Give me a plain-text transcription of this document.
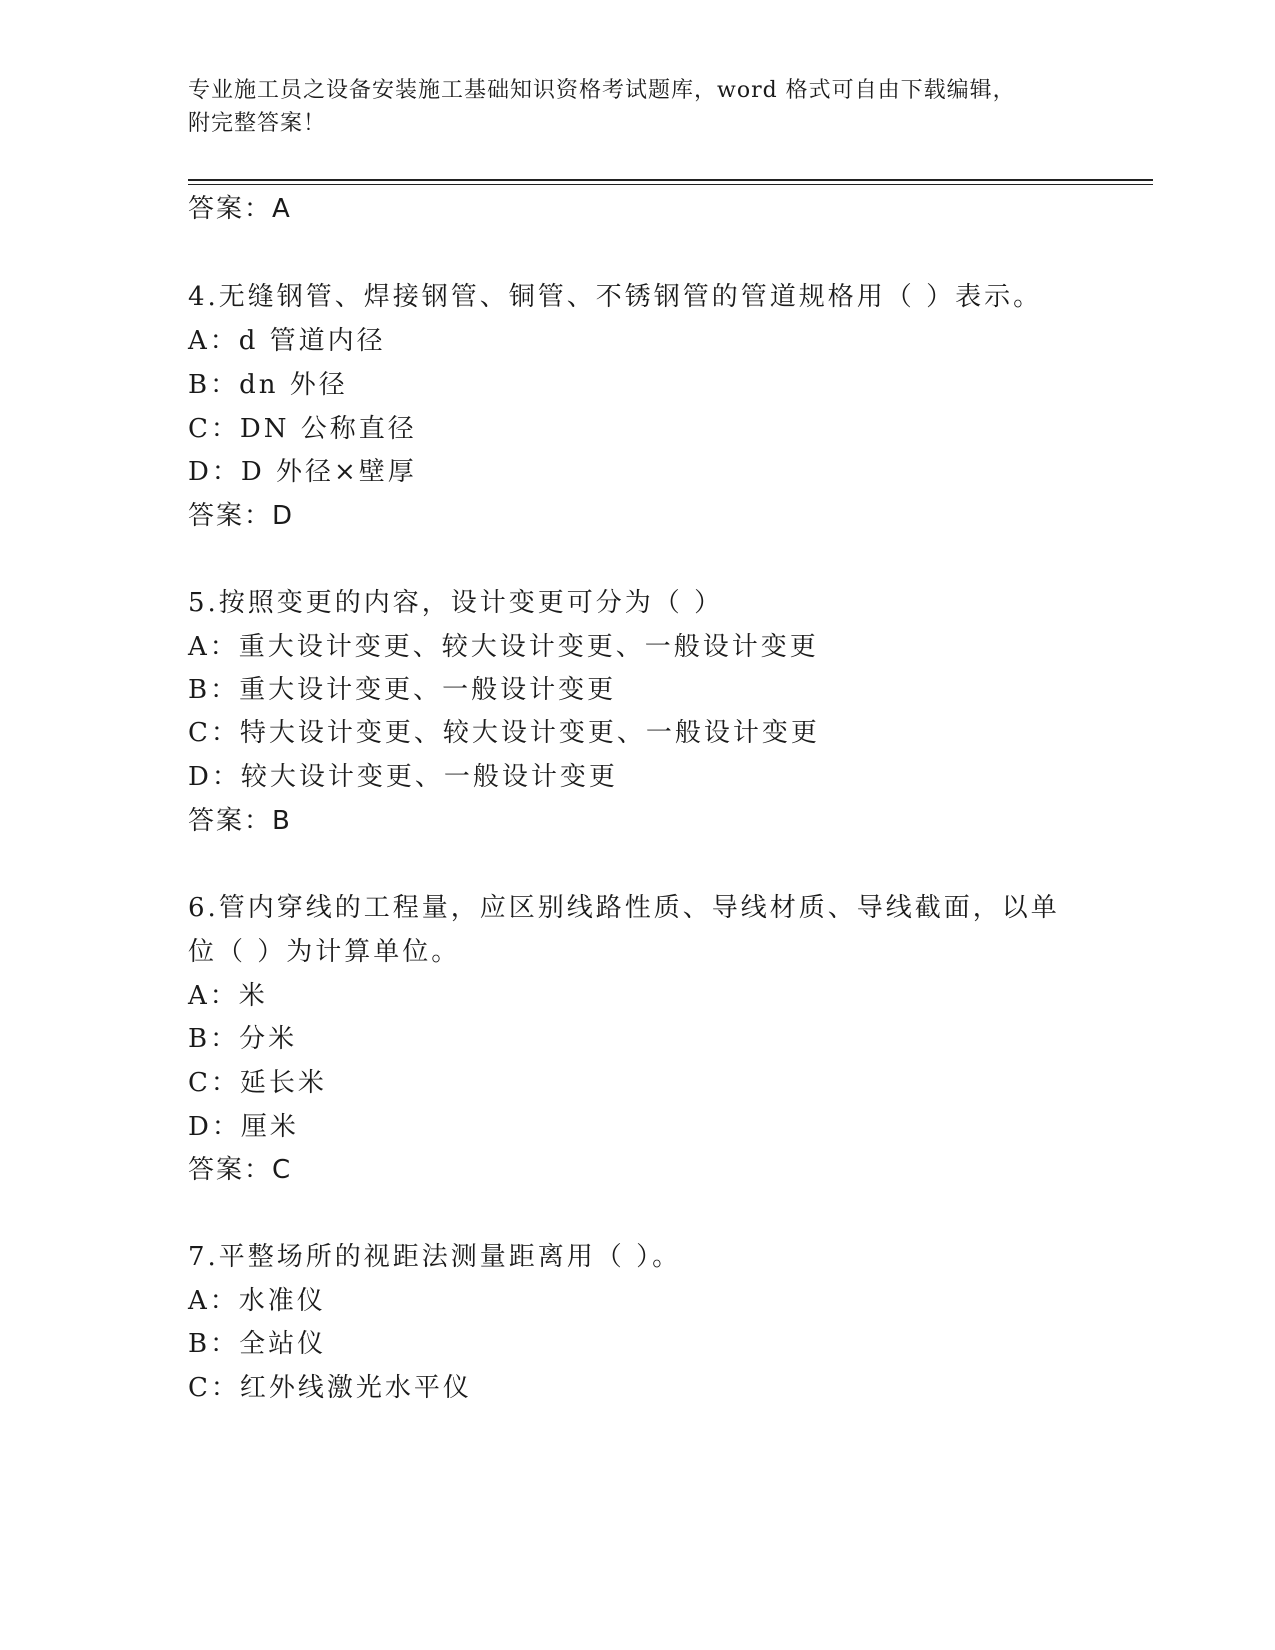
专业施工员之设备安装施工基础知识资格考试题库，word 格式可自由下载编辑，
附完整答案！
答案：A
4.无缝钢管、焊接钢管、铜管、不锈钢管的管道规格用（ ）表示。
A：d 管道内径
B：dn 外径
C：DN 公称直径
D：D 外径×壁厚
答案：D
5.按照变更的内容，设计变更可分为（ ）
A：重大设计变更、较大设计变更、一般设计变更
B：重大设计变更、一般设计变更
C：特大设计变更、较大设计变更、一般设计变更
D：较大设计变更、一般设计变更
答案：B
6.管内穿线的工程量，应区别线路性质、导线材质、导线截面，以单
位（ ）为计算单位。
A：米
B：分米
C：延长米
D：厘米
答案：C
7.平整场所的视距法测量距离用（ ）。
A：水准仪
B：全站仪
C：红外线激光水平仪
